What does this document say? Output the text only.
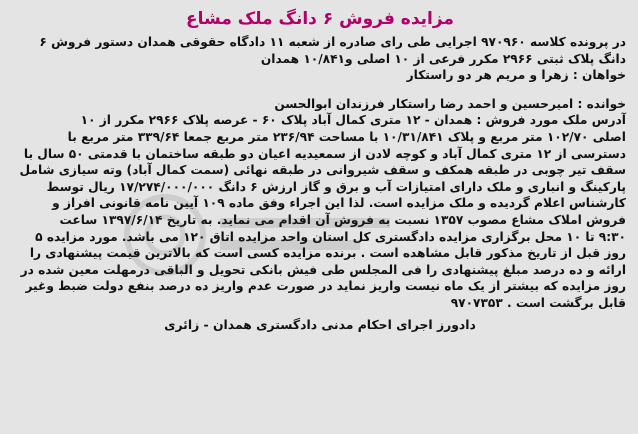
مزایده فروش ۶ دانگ ملک مشاع

در پرونده کلاسه ۹۷۰۹۶۰ اجرایی طی رای صادره از شعبه ۱۱ دادگاه حقوقی همدان دستور فروش ۶

دانگ پلاک ثبتی ۲۹۶۶ مکرر فرعی از ۱۰ اصلی و۱۰/۸۴۱ همدان

خواهان : زهرا و مریم هر دو راستکار

خوانده : امیرحسین و احمد رضا راستکار فرزندان ابوالحسن

آدرس ملک مورد فروش : همدان - ۱۲ متری کمال آباد پلاک ۶۰ - عرصه پلاک ۲۹۶۶ مکرر از ۱۰

اصلی ۱۰۲/۷۰ متر مربع و پلاک ۱۰/۳۱/۸۴۱ با مساحت ۲۳۶/۹۴ متر مربع جمعا ۳۳۹/۶۴ متر مربع با

دسترسی از ۱۲ متری کمال آباد و کوچه لادن از سمعیدیه اعیان دو طبقه ساختمان با قدمتی ۵۰ سال با

سقف تیر چوبی در طبقه همکف و سقف شیروانی در طبقه نهائی (سمت کمال آباد) وته سیازی شامل

پارکینگ و انباری و ملک دارای امتیازات آب و برق و گاز ارزش ۶ دانگ ۱۷/۲۷۴/۰۰۰/۰۰۰ ریال توسط

کارشناس اعلام گردیده و ملک مزایده است. لذا این اجراء وفق ماده ۱۰۹ آیین نامه قانونی افراز و

فروش املاک مشاع مصوب ۱۳۵۷ نسبت به فروش آن اقدام می نماید. به تاریخ ۱۳۹۷/۶/۱۴ ساعت

۹:۳۰ تا ۱۰ محل برگزاری مزایده دادگستری کل استان واحد مزایده اتاق ۱۲۰ می باشد. مورد مزایده ۵

روز قبل از تاریخ مذکور قابل مشاهده است . برنده مزایده کسی است که بالاترین قیمت پیشنهادی را

ارائه و ده درصد مبلغ پیشنهادی را فی المجلس طی فیش بانکی تحویل و الباقی درمهلت معین شده در

روز مزایده که بیشتر از یک ماه نیست واریز نماید در صورت عدم واریز ده درصد بنفع دولت ضبط وغیر

قابل برگشت است . ۹۷۰۷۳۵۳

دادورز اجرای احکام مدنی دادگستری همدان - زائری
